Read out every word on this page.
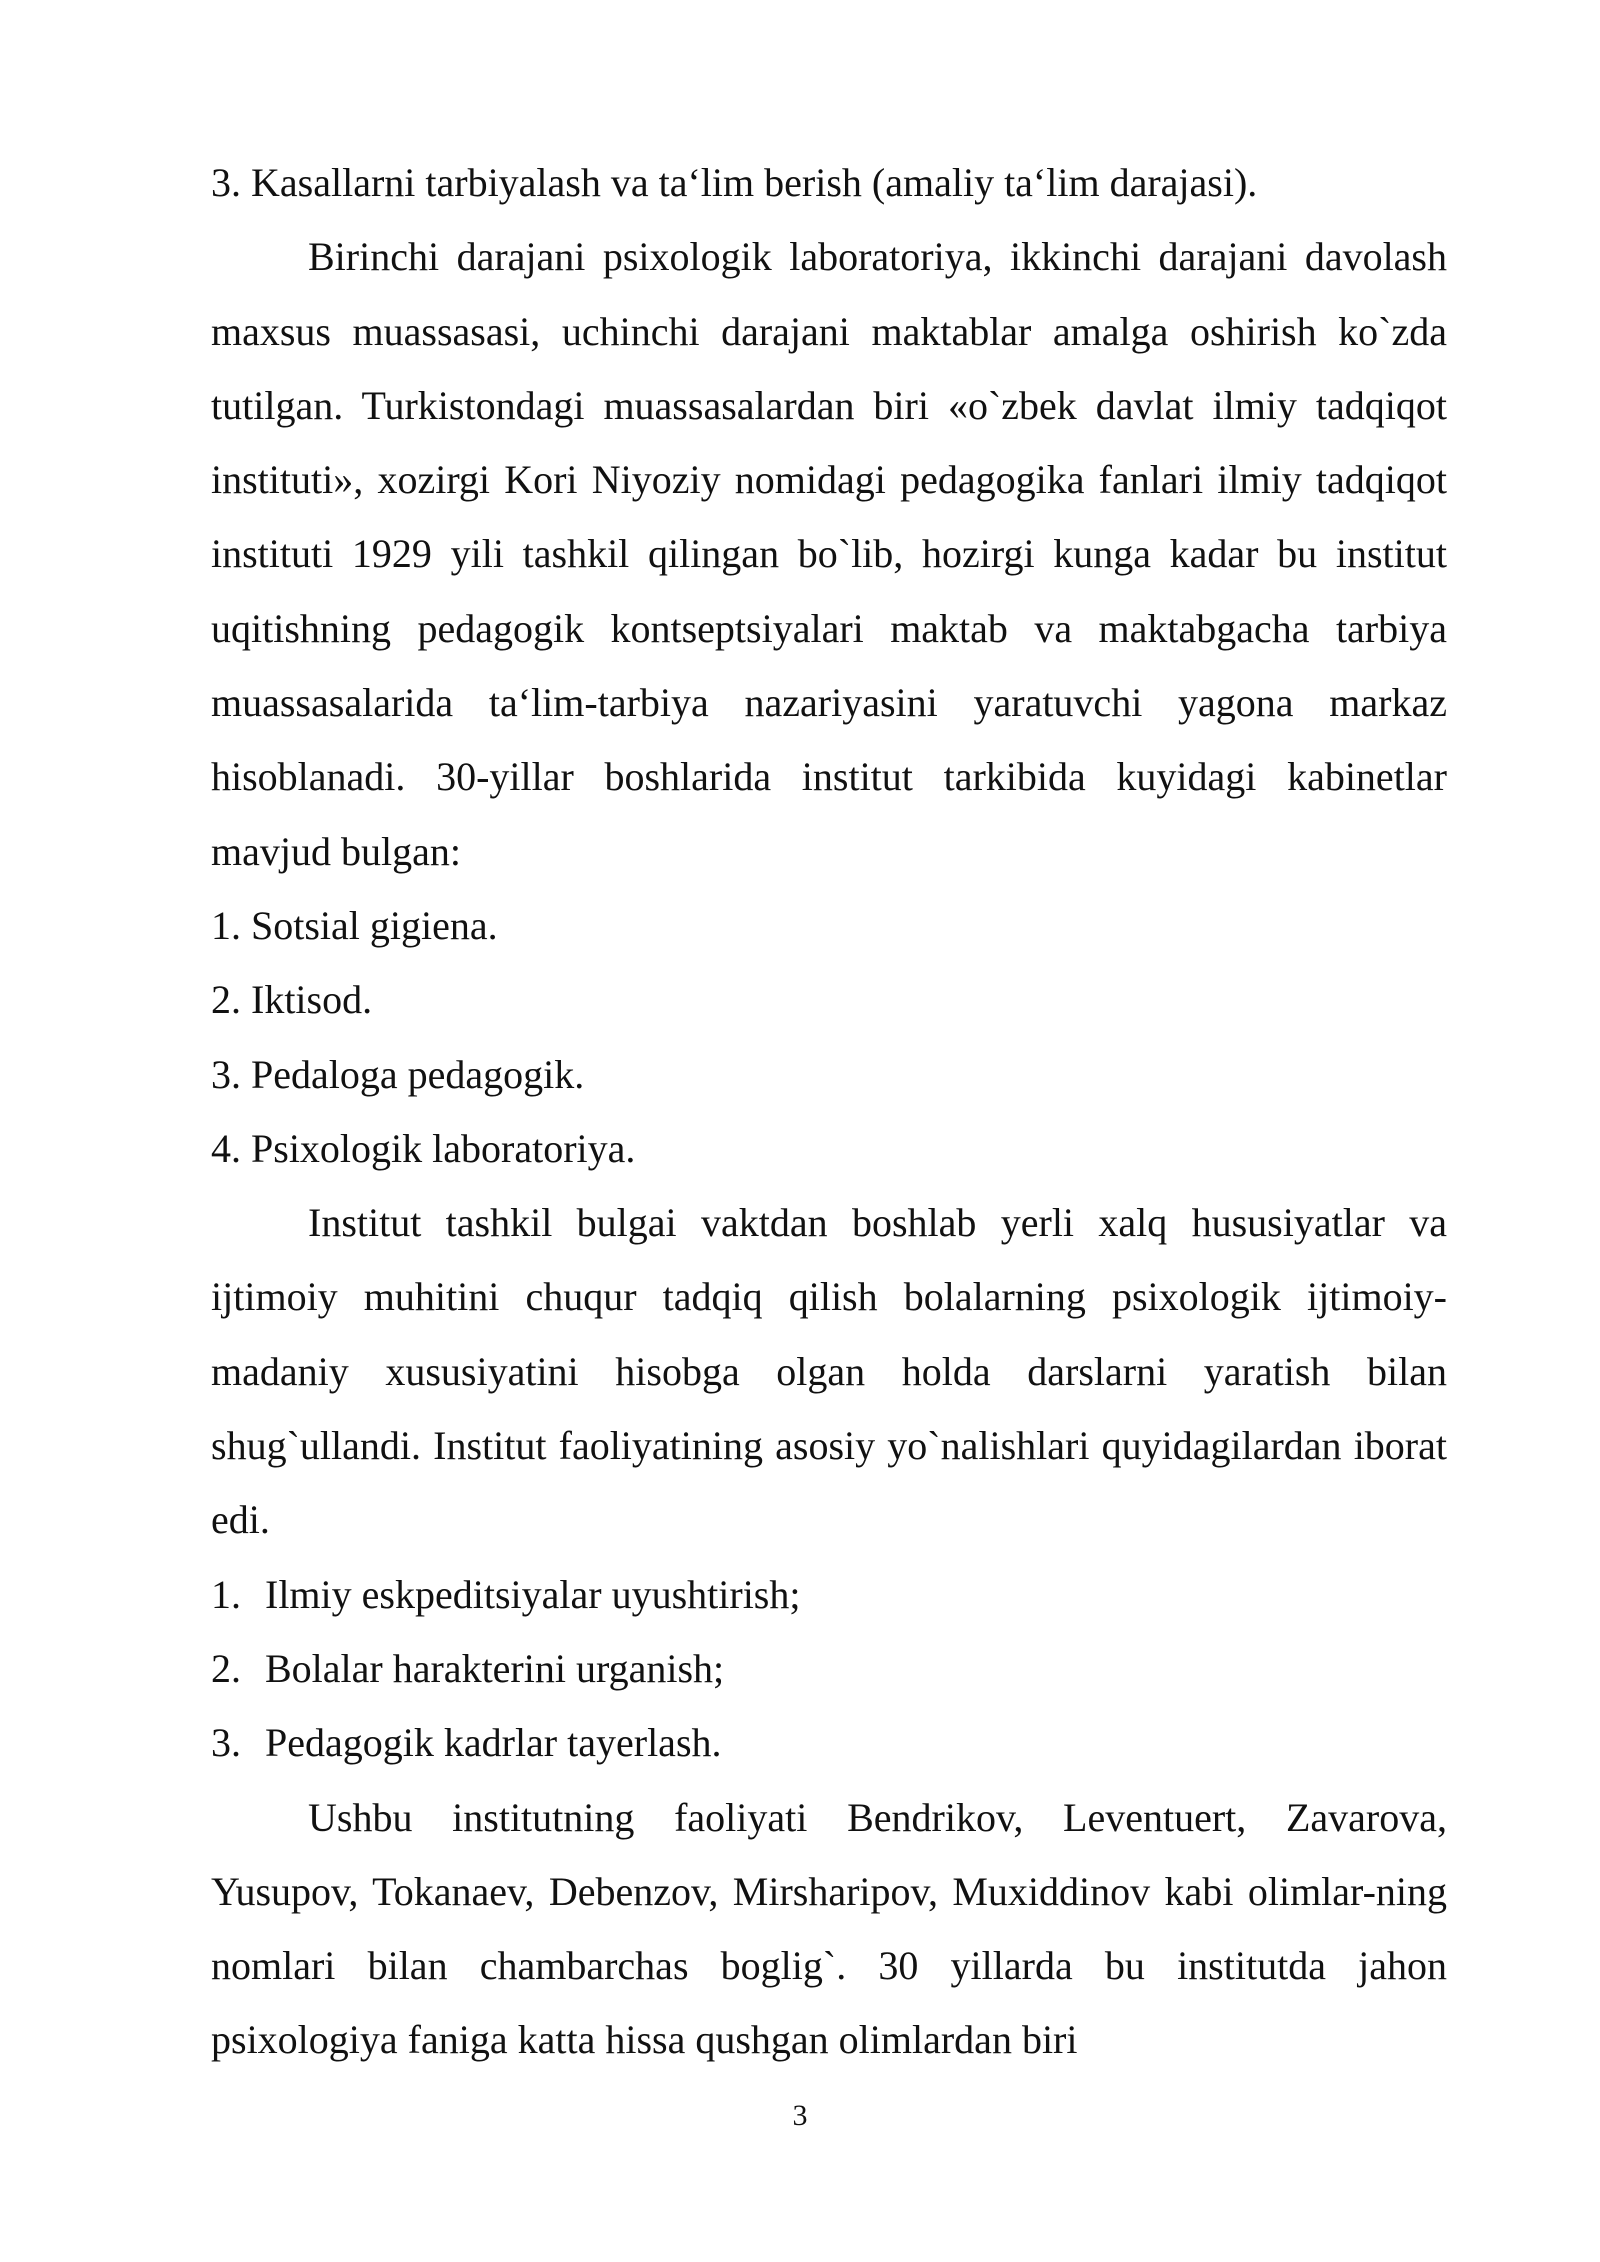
3. Kasallarni tarbiyalash va ta‘lim berish (amaliy ta‘lim darajasi).

Birinchi darajani psixologik laboratoriya, ikkinchi darajani davolash maxsus muassasasi, uchinchi darajani maktablar amalga oshirish ko`zda tutilgan. Turkistondagi muassasalardan biri «o`zbek davlat ilmiy tadqiqot instituti», xozirgi Kori Niyoziy nomidagi pedagogika fanlari ilmiy tadqiqot instituti 1929 yili tashkil qilingan bo`lib, hozirgi kunga kadar bu institut uqitishning pedagogik kontseptsiyalari maktab va maktabgacha tarbiya muassasalarida ta‘lim-tarbiya nazariyasini yaratuvchi yagona markaz hisoblanadi. 30-yillar boshlarida institut tarkibida kuyidagi kabinetlar mavjud bulgan:

1. Sotsial gigiena.

2. Iktisod.

3. Pedaloga pedagogik.

4. Psixologik laboratoriya.

Institut tashkil bulgai vaktdan boshlab yerli xalq hususiyatlar va ijtimoiy muhitini chuqur tadqiq qilish bolalarning psixologik ijtimoiy-madaniy xususiyatini hisobga olgan holda darslarni yaratish bilan shug`ullandi. Institut faoliyatining asosiy yo`nalishlari quyidagilardan iborat edi.

1. Ilmiy eskpeditsiyalar uyushtirish;

2. Bolalar harakterini urganish;

3. Pedagogik kadrlar tayerlash.

Ushbu institutning faoliyati Bendrikov, Leventuert, Zavarova, Yusupov, Tokanaev, Debenzov, Mirsharipov, Muxiddinov kabi olimlar-ning nomlari bilan chambarchas boglig`. 30 yillarda bu institutda jahon psixologiya faniga katta hissa qushgan olimlardan biri

3
